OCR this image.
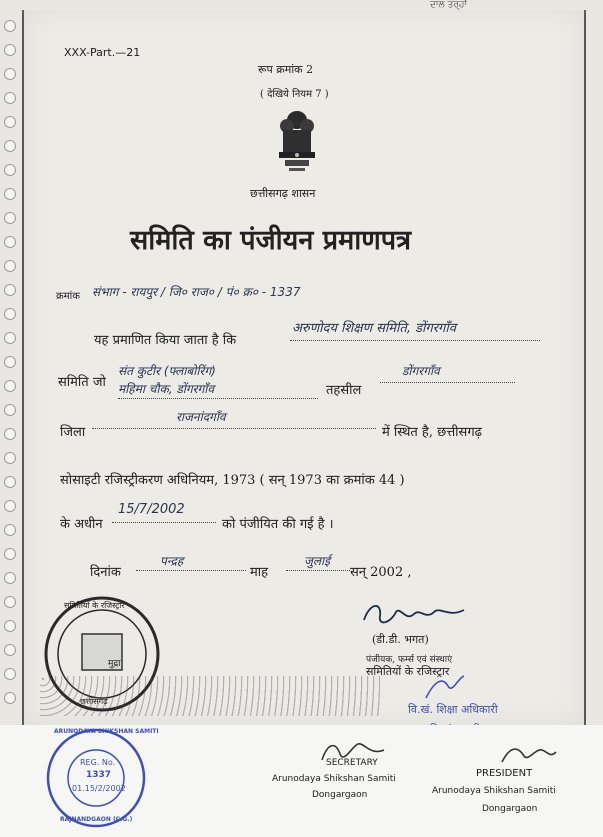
ਦਾਲ ਤਰ੍ਹਾਂ
XXX-Part.—21
रूप क्रमांक 2
( देखिये नियम 7 )
छत्तीसगढ़ शासन
समिति का पंजीयन प्रमाणपत्र
क्रमांक संभाग - रायपुर / जि० राज० / पं० क्र० - 1337
यह प्रमाणित किया जाता है कि
अरुणोदय शिक्षण समिति, डोंगरगाँव
समिति जो
संत कुटीर (फ्लाबोरिंग)
महिमा चौक, डोंगरगाँव	तहसील
डोंगरगाँव
जिला
राजनांदगाँव
में स्थित है, छत्तीसगढ़
सोसाइटी रजिस्ट्रीकरण अधिनियम, 1973 ( सन् 1973 का क्रमांक 44 )
के अधीन
15/7/2002
को पंजीयित की गई है ।
दिनांक
पन्द्रह
माह
जुलाई
सन् 2002 ,
(डी.डी. भगत)
पंजीयक, फर्म्स एवं संस्थाएं
समितियों के रजिस्ट्रार
वि.खं. शिक्षा अधिकारी
समितियों के रजिस्ट्रार
मुद्रा
छत्तीसगढ़
ARUNODAYA SHIKSHAN SAMITI
REG. No.
1337
01.15/2/2002
RAJNANDGAON (C.G.)
SECRETARY
Arunodaya Shikshan Samiti
Dongargaon
PRESIDENT
Arunodaya Shikshan Samiti
Dongargaon
